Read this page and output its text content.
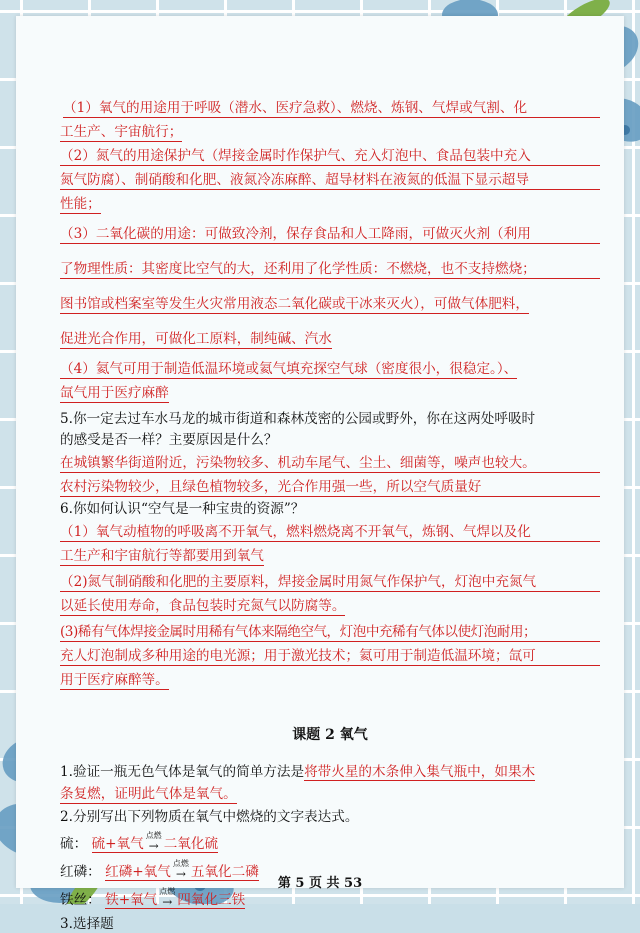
（1）氧气的用途用于呼吸（潜水、医疗急救）、燃烧、炼钢、气焊或气割、化
工生产、宇宙航行；
（2）氮气的用途保护气（焊接金属时作保护气、充入灯泡中、食品包装中充入
氮气防腐）、制硝酸和化肥、液氮冷冻麻醉、超导材料在液氮的低温下显示超导
性能；
（3）二氧化碳的用途：可做致冷剂，保存食品和人工降雨，可做灭火剂（利用
了物理性质：其密度比空气的大，还利用了化学性质：不燃烧，也不支持燃烧；
图书馆或档案室等发生火灾常用液态二氧化碳或干冰来灭火），可做气体肥料， 促进光合作用，可做化工原料，制纯碱、汽水 （4）氦气可用于制造低温环境或氦气填充探空气球（密度很小，很稳定。）、 氙气用于医疗麻醉
5.你一定去过车水马龙的城市街道和森林茂密的公园或野外，你在这两处呼吸时
的感受是否一样？主要原因是什么？
在城镇繁华街道附近，污染物较多、机动车尾气、尘土、细菌等，噪声也较大。
农村污染物较少，且绿色植物较多，光合作用强一些，所以空气质量好
6.你如何认识“空气是一种宝贵的资源”？
（1）氧气动植物的呼吸离不开氧气，燃料燃烧离不开氧气，炼钢、气焊以及化
工生产和宇宙航行等都要用到氧气
（2)氮气制硝酸和化肥的主要原料，焊接金属时用氮气作保护气，灯泡中充氮气
以延长使用寿命，食品包装时充氮气以防腐等。
(3)稀有气体焊接金属时用稀有气体来隔绝空气，灯泡中充稀有气体以使灯泡耐用；
充人灯泡制成多种用途的电光源；用于激光技术；氦可用于制造低温环境；氙可
用于医疗麻醉等。
课题 2 氧气
1.验证一瓶无色气体是氧气的简单方法是将带火星的木条伸入集气瓶中，如果木
条复燃，证明此气体是氧气。
2.分别写出下列物质在氧气中燃烧的文字表达式。
硫： 硫+氧气
点燃
→ 二氧化硫
红磷： 红磷+氧气
点燃
→ 五氧化二磷
铁丝： 铁+氧气
点燃
→ 四氧化三铁
3.选择题
第 5 页 共 53
